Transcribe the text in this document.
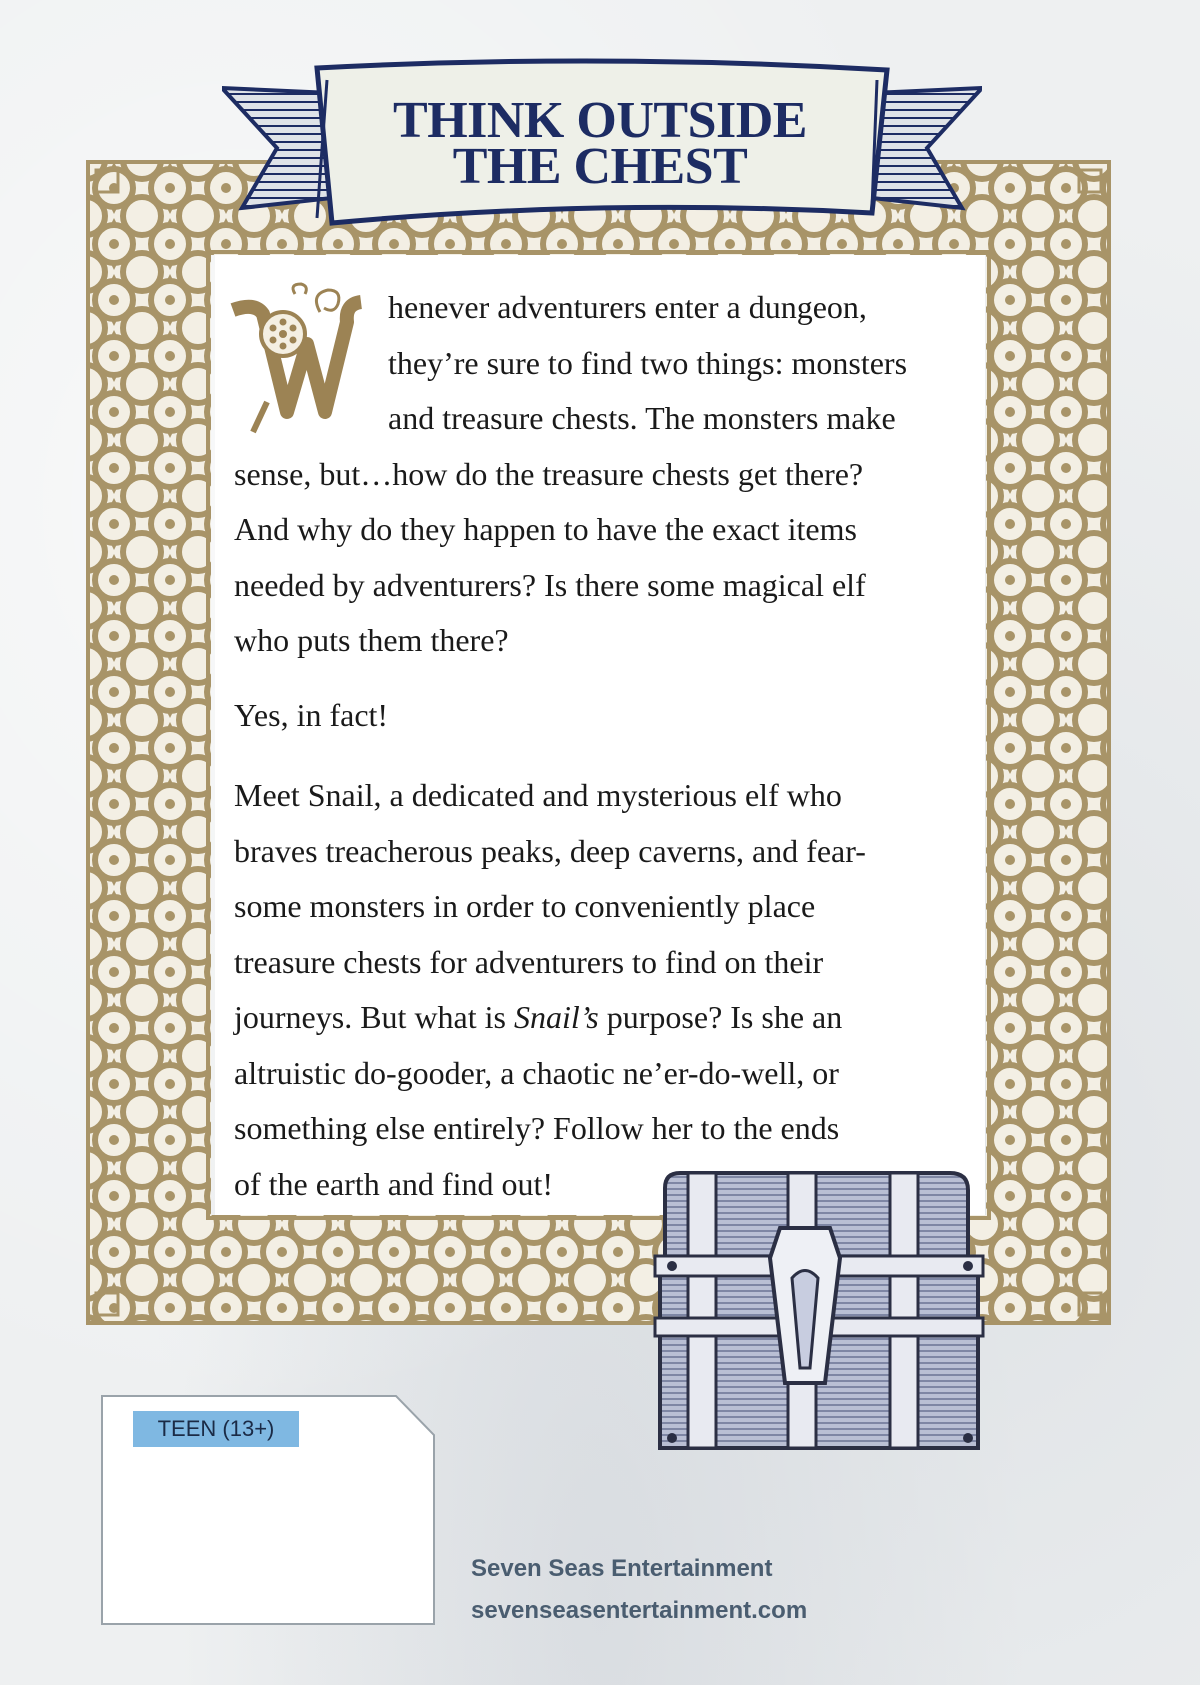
THINK OUTSIDE
THE CHEST
henever adventurers enter a dungeon,
they’re sure to find two things: monsters
and treasure chests. The monsters make
sense, but…how do the treasure chests get there?
And why do they happen to have the exact items
needed by adventurers? Is there some magical elf
who puts them there?
Yes, in fact!
Meet Snail, a dedicated and mysterious elf who
braves treacherous peaks, deep caverns, and fear-
some monsters in order to conveniently place
treasure chests for adventurers to find on their
journeys. But what is Snail’s purpose? Is she an
altruistic do-gooder, a chaotic ne’er-do-well, or
something else entirely? Follow her to the ends
of the earth and find out!
TEEN (13+)
Seven Seas Entertainment
sevenseasentertainment.com
